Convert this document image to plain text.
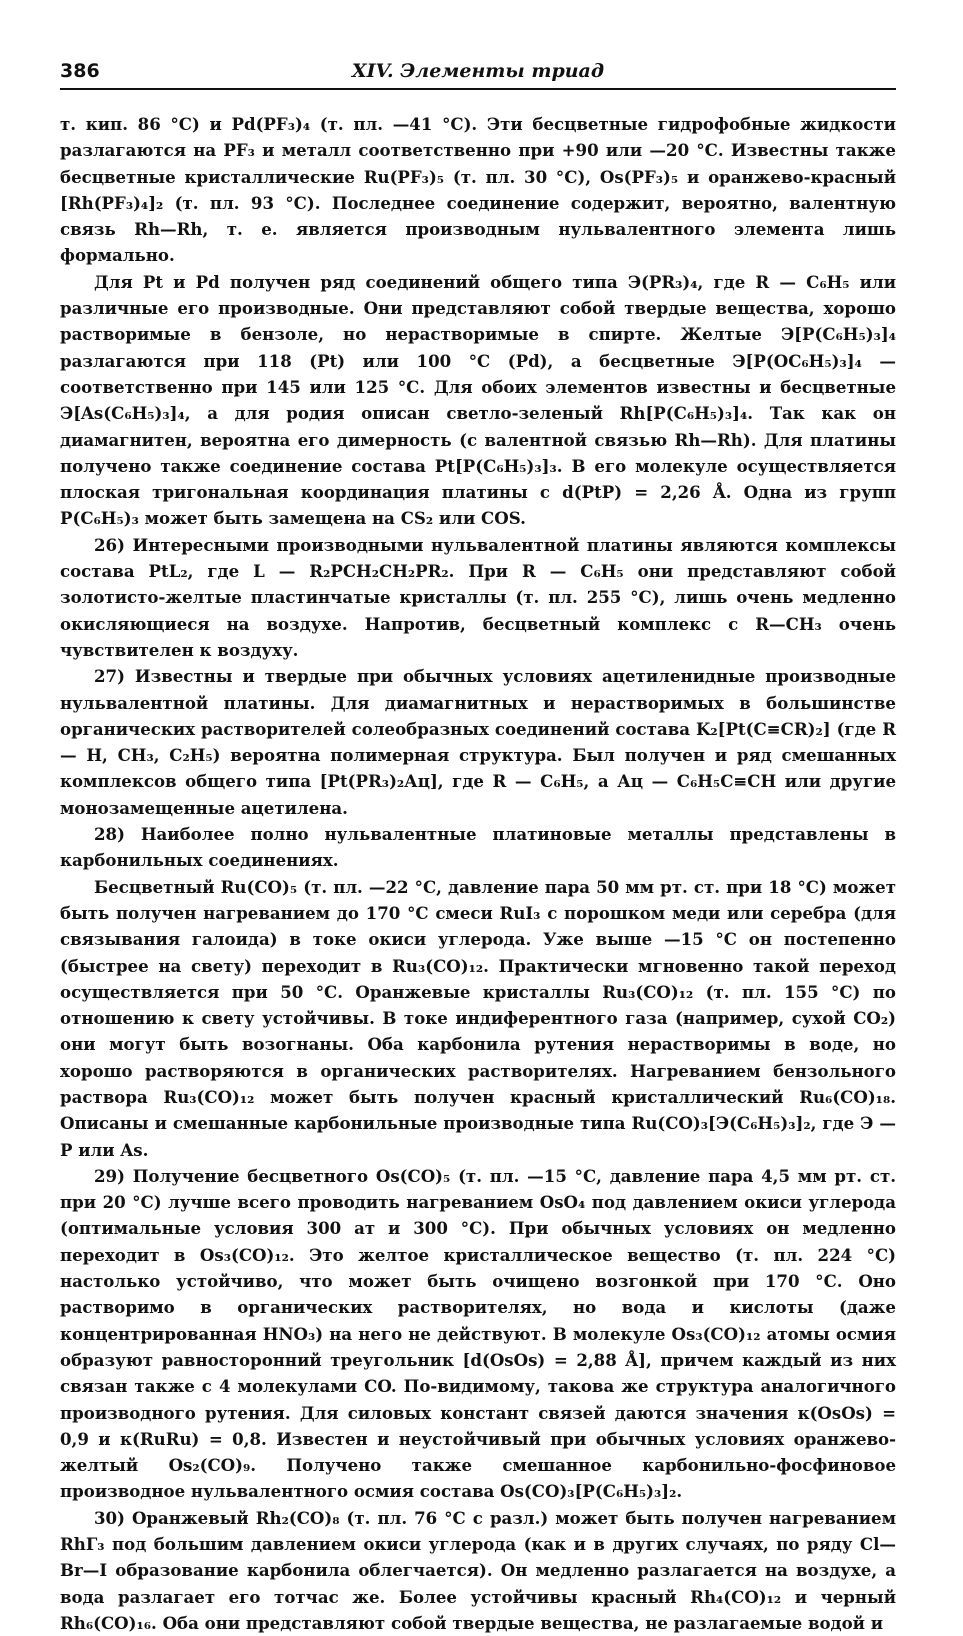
386	XIV. Элементы триад

т. кип. 86 °С) и Pd(PF₃)₄ (т. пл. —41 °С). Эти бесцветные гидрофобные жидкости разлагаются на PF₃ и металл соответственно при +90 или —20 °С. Известны также бесцветные кристаллические Ru(PF₃)₅ (т. пл. 30 °С), Os(PF₃)₅ и оранжево-красный [Rh(PF₃)₄]₂ (т. пл. 93 °С). Последнее соединение содержит, вероятно, валентную связь Rh—Rh, т. е. является производным нульвалентного элемента лишь формально.

Для Pt и Pd получен ряд соединений общего типа Э(PR₃)₄, где R — C₆H₅ или различные его производные. Они представляют собой твердые вещества, хорошо растворимые в бензоле, но нерастворимые в спирте. Желтые Э[P(C₆H₅)₃]₄ разлагаются при 118 (Pt) или 100 °С (Pd), а бесцветные Э[P(OC₆H₅)₃]₄ — соответственно при 145 или 125 °С. Для обоих элементов известны и бесцветные Э[As(C₆H₅)₃]₄, а для родия описан светло-зеленый Rh[P(C₆H₅)₃]₄. Так как он диамагнитен, вероятна его димерность (с валентной связью Rh—Rh). Для платины получено также соединение состава Pt[P(C₆H₅)₃]₃. В его молекуле осуществляется плоская тригональная координация платины с d(PtP) = 2,26 Å. Одна из групп P(C₆H₅)₃ может быть замещена на CS₂ или COS.

26) Интересными производными нульвалентной платины являются комплексы состава PtL₂, где L — R₂PCH₂CH₂PR₂. При R — C₆H₅ они представляют собой золотисто-желтые пластинчатые кристаллы (т. пл. 255 °С), лишь очень медленно окисляющиеся на воздухе. Напротив, бесцветный комплекс с R—CH₃ очень чувствителен к воздуху.

27) Известны и твердые при обычных условиях ацетиленидные производные нульвалентной платины. Для диамагнитных и нерастворимых в большинстве органических растворителей солеобразных соединений состава K₂[Pt(C≡CR)₂] (где R — H, CH₃, C₂H₅) вероятна полимерная структура. Был получен и ряд смешанных комплексов общего типа [Pt(PR₃)₂Ац], где R — C₆H₅, а Ац — C₆H₅C≡CH или другие монозамещенные ацетилена.

28) Наиболее полно нульвалентные платиновые металлы представлены в карбонильных соединениях.

Бесцветный Ru(CO)₅ (т. пл. —22 °С, давление пара 50 мм рт. ст. при 18 °С) может быть получен нагреванием до 170 °С смеси RuI₃ с порошком меди или серебра (для связывания галоида) в токе окиси углерода. Уже выше —15 °С он постепенно (быстрее на свету) переходит в Ru₃(CO)₁₂. Практически мгновенно такой переход осуществляется при 50 °С. Оранжевые кристаллы Ru₃(CO)₁₂ (т. пл. 155 °С) по отношению к свету устойчивы. В токе индиферентного газа (например, сухой CO₂) они могут быть возогнаны. Оба карбонила рутения нерастворимы в воде, но хорошо растворяются в органических растворителях. Нагреванием бензольного раствора Ru₃(CO)₁₂ может быть получен красный кристаллический Ru₆(CO)₁₈. Описаны и смешанные карбонильные производные типа Ru(CO)₃[Э(C₆H₅)₃]₂, где Э — P или As.

29) Получение бесцветного Os(CO)₅ (т. пл. —15 °С, давление пара 4,5 мм рт. ст. при 20 °С) лучше всего проводить нагреванием OsO₄ под давлением окиси углерода (оптимальные условия 300 ат и 300 °С). При обычных условиях он медленно переходит в Os₃(CO)₁₂. Это желтое кристаллическое вещество (т. пл. 224 °С) настолько устойчиво, что может быть очищено возгонкой при 170 °С. Оно растворимо в органических растворителях, но вода и кислоты (даже концентрированная HNO₃) на него не действуют. В молекуле Os₃(CO)₁₂ атомы осмия образуют равносторонний треугольник [d(OsOs) = 2,88 Å], причем каждый из них связан также с 4 молекулами CO. По-видимому, такова же структура аналогичного производного рутения. Для силовых констант связей даются значения к(OsOs) = 0,9 и к(RuRu) = 0,8. Известен и неустойчивый при обычных условиях оранжево-желтый Os₂(CO)₉. Получено также смешанное карбонильно-фосфиновое производное нульвалентного осмия состава Os(CO)₃[P(C₆H₅)₃]₂.

30) Оранжевый Rh₂(CO)₈ (т. пл. 76 °С с разл.) может быть получен нагреванием RhГ₃ под большим давлением окиси углерода (как и в других случаях, по ряду Cl—Br—I образование карбонила облегчается). Он медленно разлагается на воздухе, а вода разлагает его тотчас же. Более устойчивы красный Rh₄(CO)₁₂ и черный Rh₆(CO)₁₆. Оба они представляют собой твердые вещества, не разлагаемые водой и
